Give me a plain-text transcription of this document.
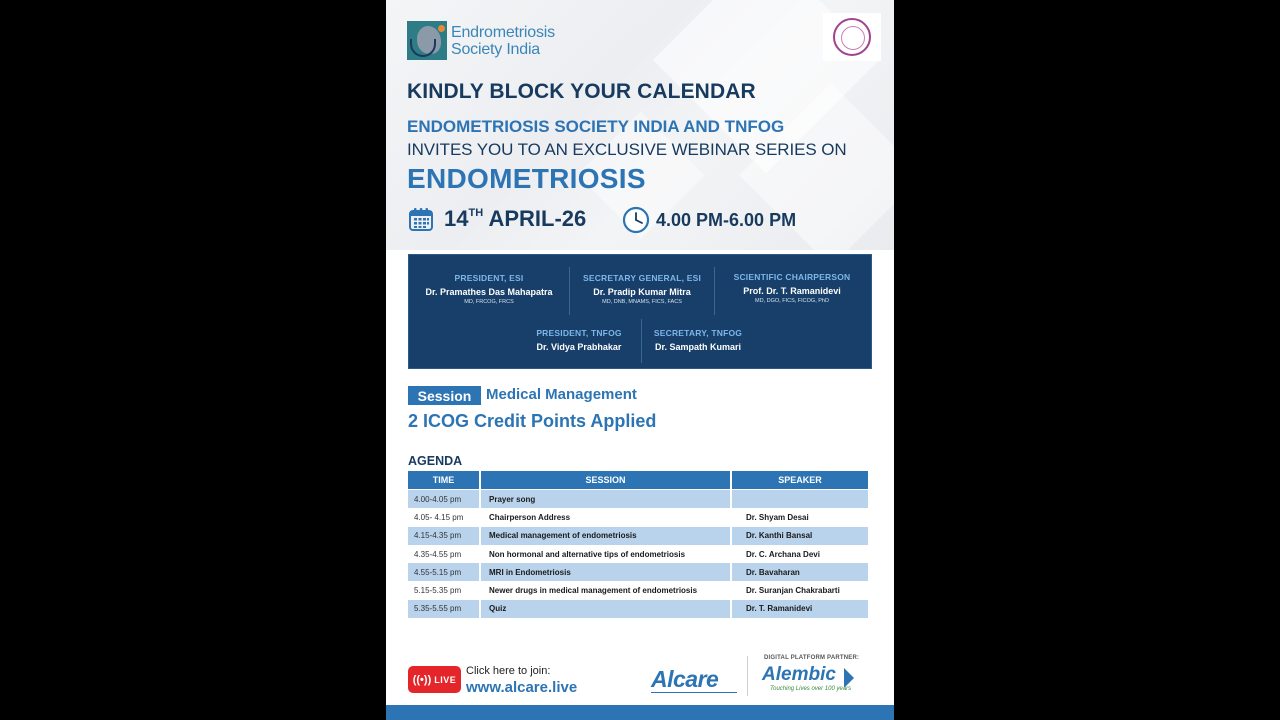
Endrometriosis
Society India
KINDLY BLOCK YOUR CALENDAR
ENDOMETRIOSIS SOCIETY INDIA AND TNFOG
INVITES YOU TO AN EXCLUSIVE WEBINAR SERIES ON
ENDOMETRIOSIS
14TH APRIL-26	4.00 PM-6.00 PM
PRESIDENT, ESI
Dr. Pramathes Das Mahapatra
MD, FRCOG, FRCS
SECRETARY GENERAL, ESI
Dr. Pradip Kumar Mitra
MD, DNB, MNAMS, FICS, FACS
SCIENTIFIC CHAIRPERSON
Prof. Dr. T. Ramanidevi
MD, DGO, FICS, FICOG, PhD
PRESIDENT, TNFOG
Dr. Vidya Prabhakar
SECRETARY, TNFOG
Dr. Sampath Kumari
Session Medical Management
2 ICOG Credit Points Applied
AGENDA
TIME	SESSION	SPEAKER
4.00-4.05 pm	Prayer song	
4.05- 4.15 pm	Chairperson Address	Dr. Shyam Desai
4.15-4.35 pm	Medical management of endometriosis	Dr. Kanthi Bansal
4.35-4.55 pm	Non hormonal and alternative tips of endometriosis	Dr. C. Archana Devi
4.55-5.15 pm	MRI in Endometriosis	Dr. Bavaharan
5.15-5.35 pm	Newer drugs in medical management of endometriosis	Dr. Suranjan Chakrabarti
5.35-5.55 pm	Quiz	Dr. T. Ramanidevi
((•)) LIVE
Click here to join:
www.alcare.live	Alcare
DIGITAL PLATFORM PARTNER:
Alembic
Touching Lives over 100 years
